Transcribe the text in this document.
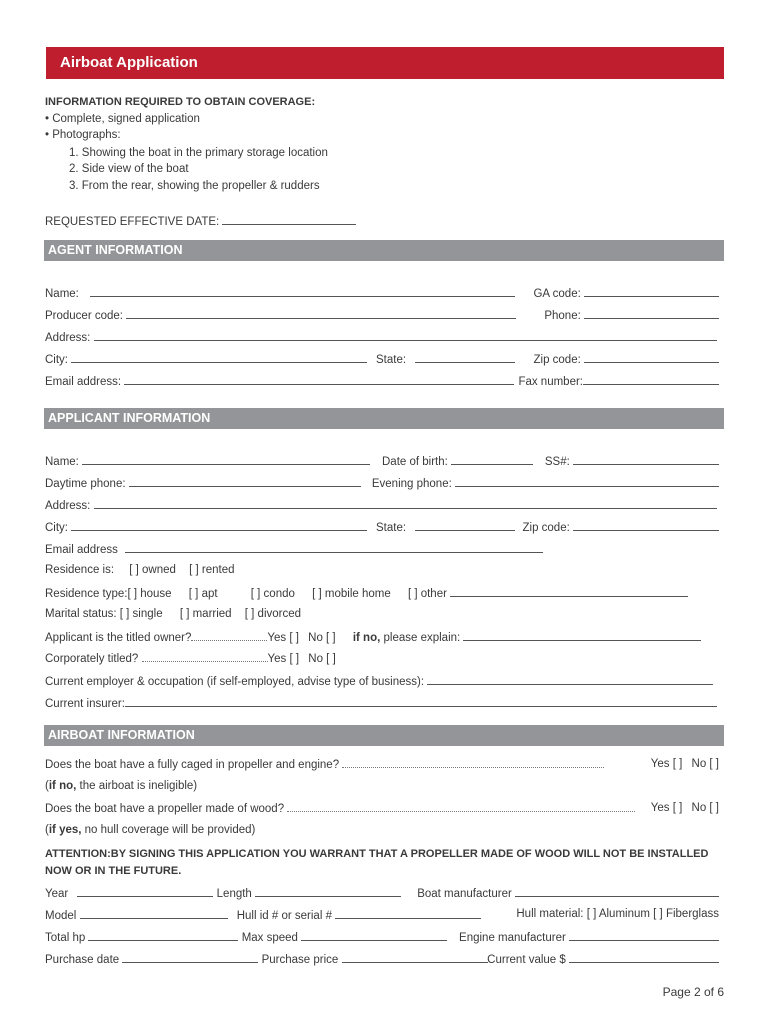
Airboat Application
INFORMATION REQUIRED TO OBTAIN COVERAGE:
• Complete, signed application
• Photographs:
1. Showing the boat in the primary storage location
2. Side view of the boat
3. From the rear, showing the propeller & rudders
REQUESTED EFFECTIVE DATE:
AGENT INFORMATION
Name:	GA code:
Producer code:	Phone:
Address:
City:	State:	Zip code:
Email address:	Fax number:
APPLICANT INFORMATION
Name:	Date of birth:	SS#:
Daytime phone:	Evening phone:
Address:
City:	State:	Zip code:
Email address
Residence is: [ ] owned [ ] rented
Residence type:[ ] house [ ] apt	[ ] condo [ ] mobile home [ ] other
Marital status: [ ] single [ ] married [ ] divorced
Applicant is the titled owner?	Yes [ ] No [ ] if no, please explain:
Corporately titled?	Yes [ ] No [ ]
Current employer & occupation (if self-employed, advise type of business):
Current insurer:
AIRBOAT INFORMATION
Does the boat have a fully caged in propeller and engine?	Yes [ ] No [ ]
(if no, the airboat is ineligible)
Does the boat have a propeller made of wood?	Yes [ ] No [ ]
(if yes, no hull coverage will be provided)
ATTENTION:BY SIGNING THIS APPLICATION YOU WARRANT THAT A PROPELLER MADE OF WOOD WILL NOT BE INSTALLED NOW OR IN THE FUTURE.
Year	Length	Boat manufacturer
Model	Hull id # or serial #	Hull material: [ ] Aluminum [ ] Fiberglass
Total hp	Max speed	Engine manufacturer
Purchase date	Purchase price	Current value $
Page 2 of 6
